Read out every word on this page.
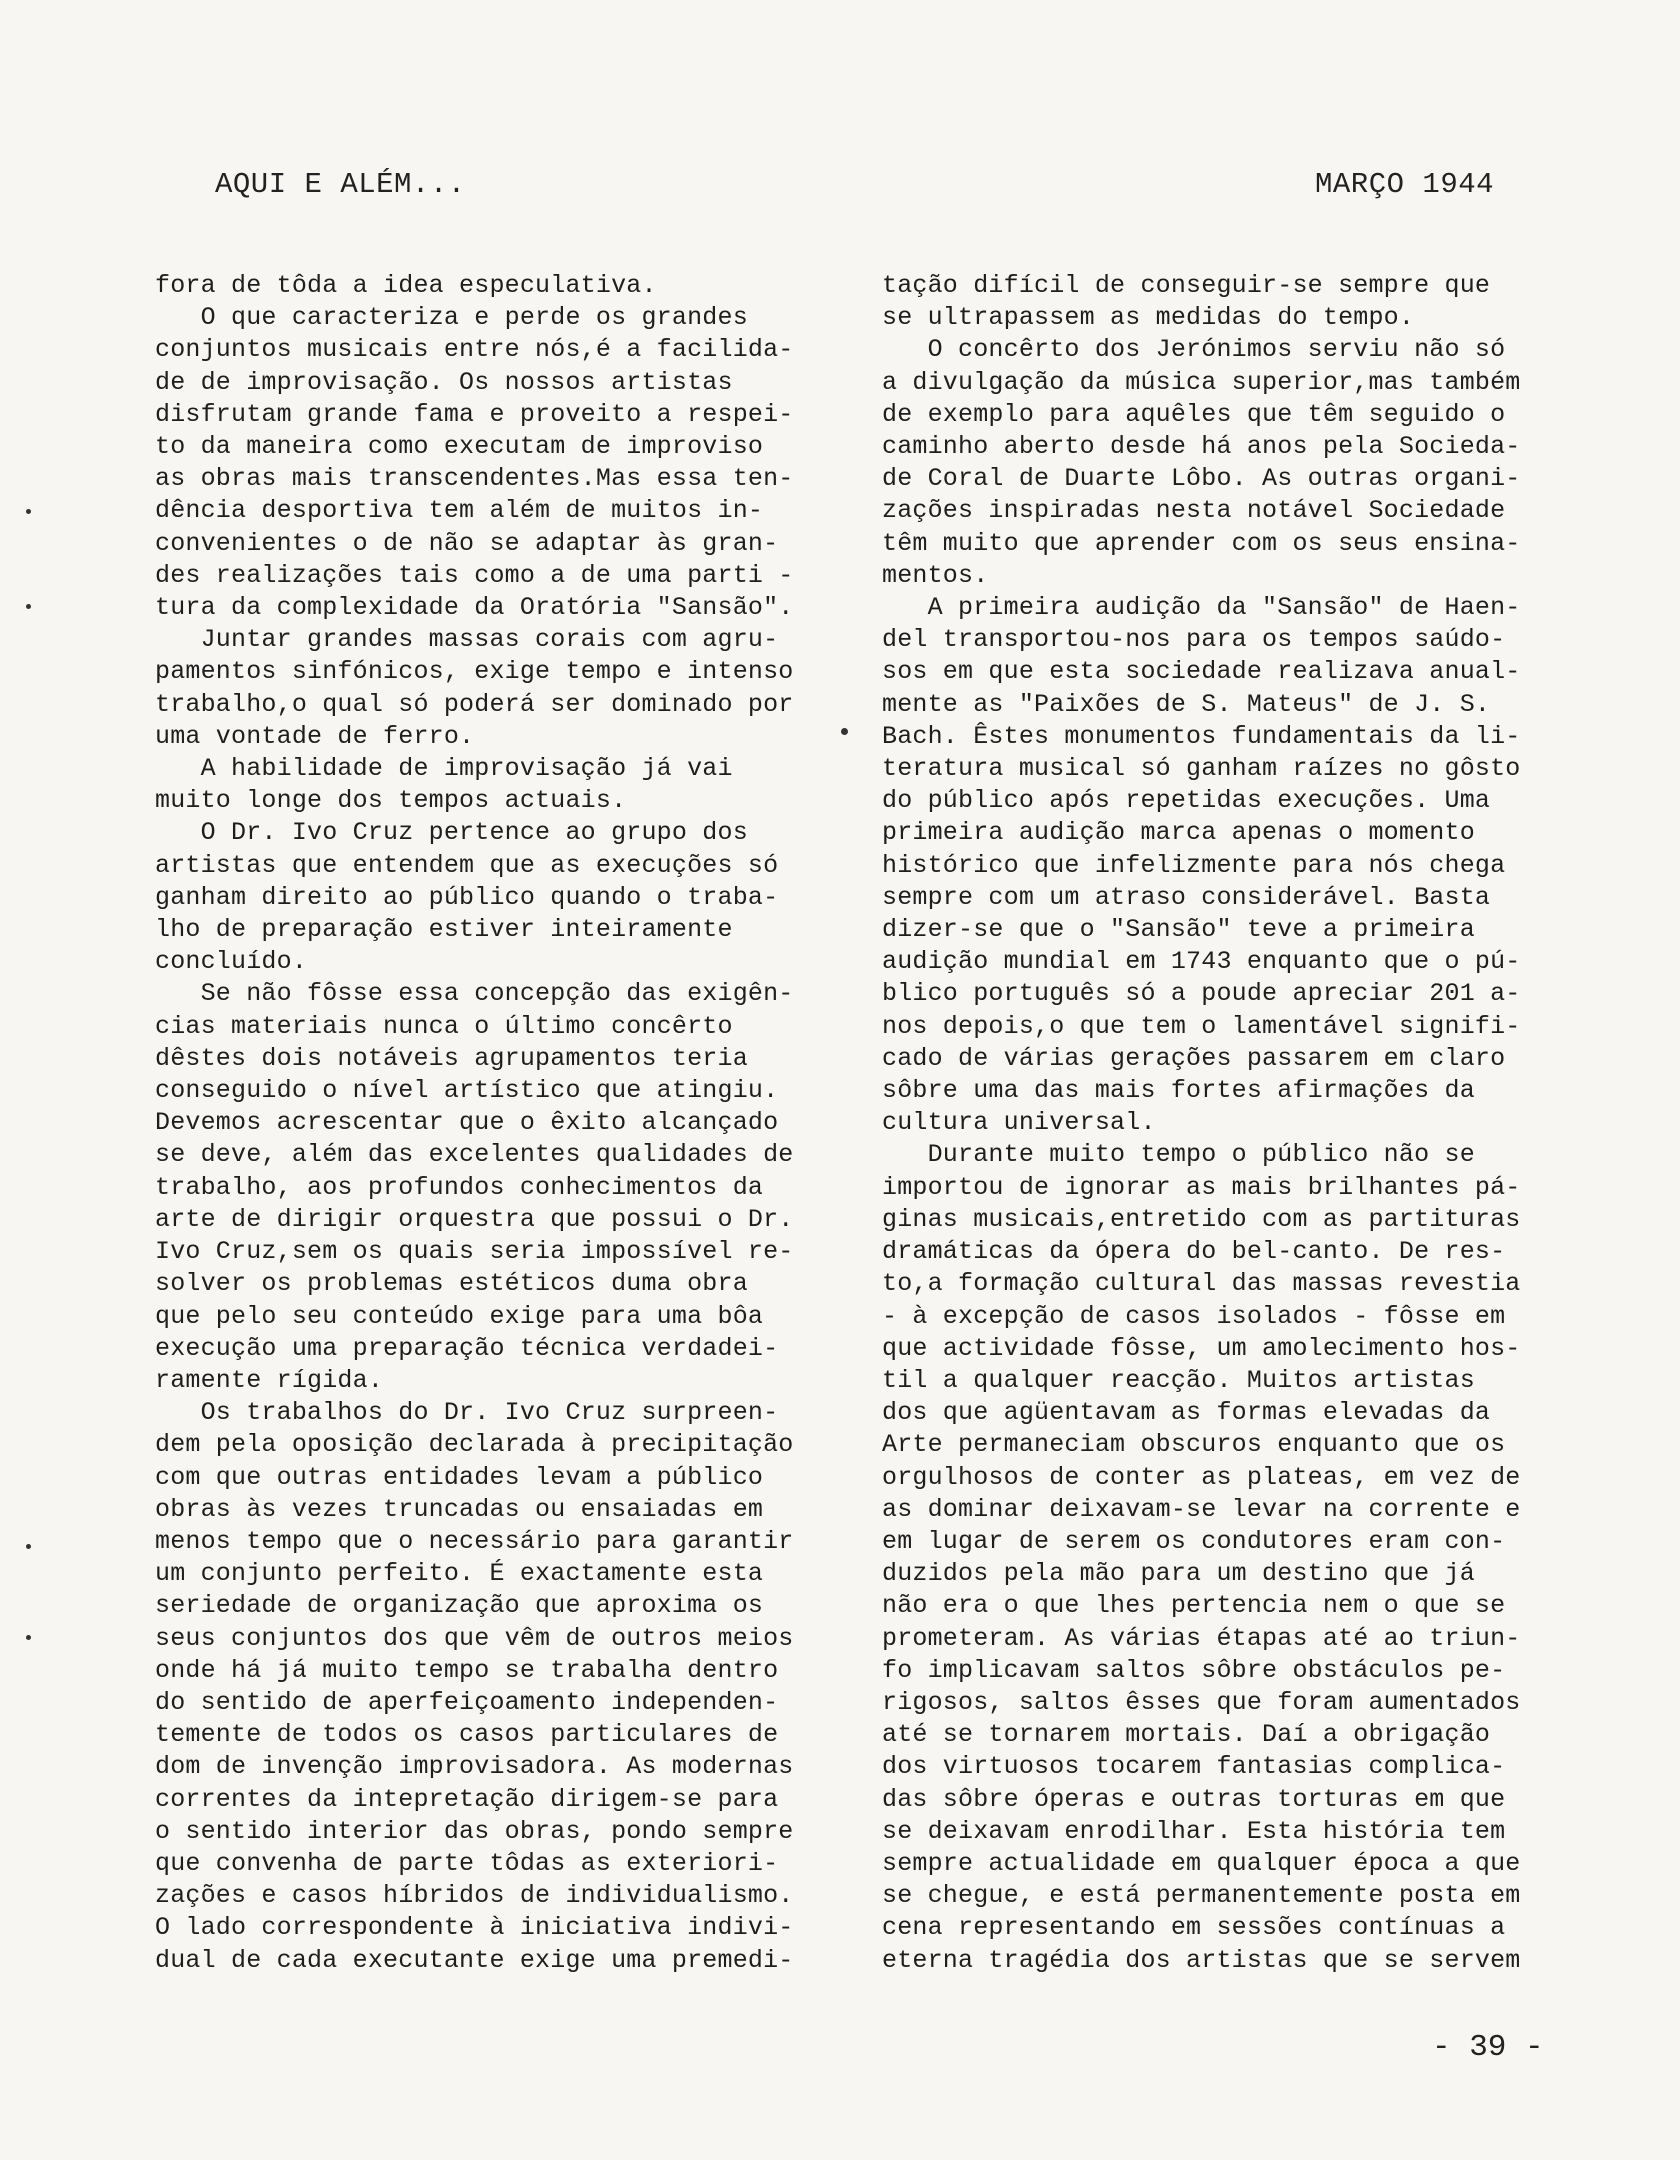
AQUI E ALÉM...	MARÇO 1944
fora de tôda a idea especulativa.
O que caracteriza e perde os grandes
conjuntos musicais entre nós,é a facilida-
de de improvisação. Os nossos artistas
disfrutam grande fama e proveito a respei-
to da maneira como executam de improviso
as obras mais transcendentes.Mas essa ten-
dência desportiva tem além de muitos in-
convenientes o de não se adaptar às gran-
des realizações tais como a de uma parti -
tura da complexidade da Oratória "Sansão".
Juntar grandes massas corais com agru-
pamentos sinfónicos, exige tempo e intenso
trabalho,o qual só poderá ser dominado por
uma vontade de ferro.
A habilidade de improvisação já vai
muito longe dos tempos actuais.
O Dr. Ivo Cruz pertence ao grupo dos
artistas que entendem que as execuções só
ganham direito ao público quando o traba-
lho de preparação estiver inteiramente
concluído.
Se não fôsse essa concepção das exigên-
cias materiais nunca o último concêrto
dêstes dois notáveis agrupamentos teria
conseguido o nível artístico que atingiu.
Devemos acrescentar que o êxito alcançado
se deve, além das excelentes qualidades de
trabalho, aos profundos conhecimentos da
arte de dirigir orquestra que possui o Dr.
Ivo Cruz,sem os quais seria impossível re-
solver os problemas estéticos duma obra
que pelo seu conteúdo exige para uma bôa
execução uma preparação técnica verdadei-
ramente rígida.
Os trabalhos do Dr. Ivo Cruz surpreen-
dem pela oposição declarada à precipitação
com que outras entidades levam a público
obras às vezes truncadas ou ensaiadas em
menos tempo que o necessário para garantir
um conjunto perfeito. É exactamente esta
seriedade de organização que aproxima os
seus conjuntos dos que vêm de outros meios
onde há já muito tempo se trabalha dentro
do sentido de aperfeiçoamento independen-
temente de todos os casos particulares de
dom de invenção improvisadora. As modernas
correntes da intepretação dirigem-se para
o sentido interior das obras, pondo sempre
que convenha de parte tôdas as exteriori-
zações e casos híbridos de individualismo.
O lado correspondente à iniciativa indivi-
dual de cada executante exige uma premedi-
tação difícil de conseguir-se sempre que
se ultrapassem as medidas do tempo.
O concêrto dos Jerónimos serviu não só
a divulgação da música superior,mas também
de exemplo para aquêles que têm seguido o
caminho aberto desde há anos pela Socieda-
de Coral de Duarte Lôbo. As outras organi-
zações inspiradas nesta notável Sociedade
têm muito que aprender com os seus ensina-
mentos.
A primeira audição da "Sansão" de Haen-
del transportou-nos para os tempos saúdo-
sos em que esta sociedade realizava anual-
mente as "Paixões de S. Mateus" de J. S.
Bach. Êstes monumentos fundamentais da li-
teratura musical só ganham raízes no gôsto
do público após repetidas execuções. Uma
primeira audição marca apenas o momento
histórico que infelizmente para nós chega
sempre com um atraso considerável. Basta
dizer-se que o "Sansão" teve a primeira
audição mundial em 1743 enquanto que o pú-
blico português só a poude apreciar 201 a-
nos depois,o que tem o lamentável signifi-
cado de várias gerações passarem em claro
sôbre uma das mais fortes afirmações da
cultura universal.
Durante muito tempo o público não se
importou de ignorar as mais brilhantes pá-
ginas musicais,entretido com as partituras
dramáticas da ópera do bel-canto. De res-
to,a formação cultural das massas revestia
- à excepção de casos isolados - fôsse em
que actividade fôsse, um amolecimento hos-
til a qualquer reacção. Muitos artistas
dos que agüentavam as formas elevadas da
Arte permaneciam obscuros enquanto que os
orgulhosos de conter as plateas, em vez de
as dominar deixavam-se levar na corrente e
em lugar de serem os condutores eram con-
duzidos pela mão para um destino que já
não era o que lhes pertencia nem o que se
prometeram. As várias étapas até ao triun-
fo implicavam saltos sôbre obstáculos pe-
rigosos, saltos êsses que foram aumentados
até se tornarem mortais. Daí a obrigação
dos virtuosos tocarem fantasias complica-
das sôbre óperas e outras torturas em que
se deixavam enrodilhar. Esta história tem
sempre actualidade em qualquer época a que
se chegue, e está permanentemente posta em
cena representando em sessões contínuas a
eterna tragédia dos artistas que se servem
- 39 -
